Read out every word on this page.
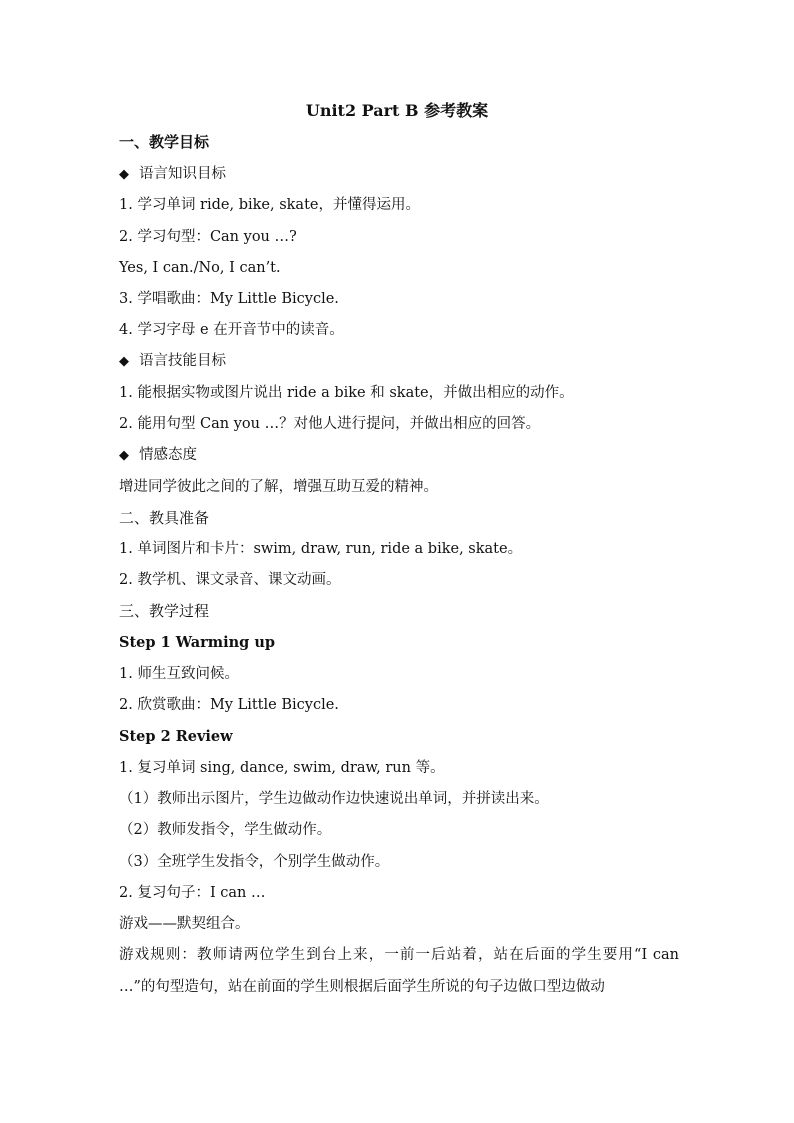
Unit2 Part B 参考教案
一、教学目标
◆ 语言知识目标
1. 学习单词 ride, bike, skate，并懂得运用。
2. 学习句型：Can you …?
Yes, I can./No, I can’t.
3. 学唱歌曲：My Little Bicycle.
4. 学习字母 e 在开音节中的读音。
◆ 语言技能目标
1. 能根据实物或图片说出 ride a bike 和 skate，并做出相应的动作。
2. 能用句型 Can you …？对他人进行提问，并做出相应的回答。
◆ 情感态度
增进同学彼此之间的了解，增强互助互爱的精神。
二、教具准备
1. 单词图片和卡片：swim, draw, run, ride a bike, skate。
2. 教学机、课文录音、课文动画。
三、教学过程
Step 1 Warming up
1. 师生互致问候。
2. 欣赏歌曲：My Little Bicycle.
Step 2 Review
1. 复习单词 sing, dance, swim, draw, run 等。
（1）教师出示图片，学生边做动作边快速说出单词，并拼读出来。
（2）教师发指令，学生做动作。
（3）全班学生发指令，个别学生做动作。
2. 复习句子：I can …
游戏——默契组合。
游戏规则：教师请两位学生到台上来，一前一后站着，站在后面的学生要用“I can …”的句型造句，站在前面的学生则根据后面学生所说的句子边做口型边做动
